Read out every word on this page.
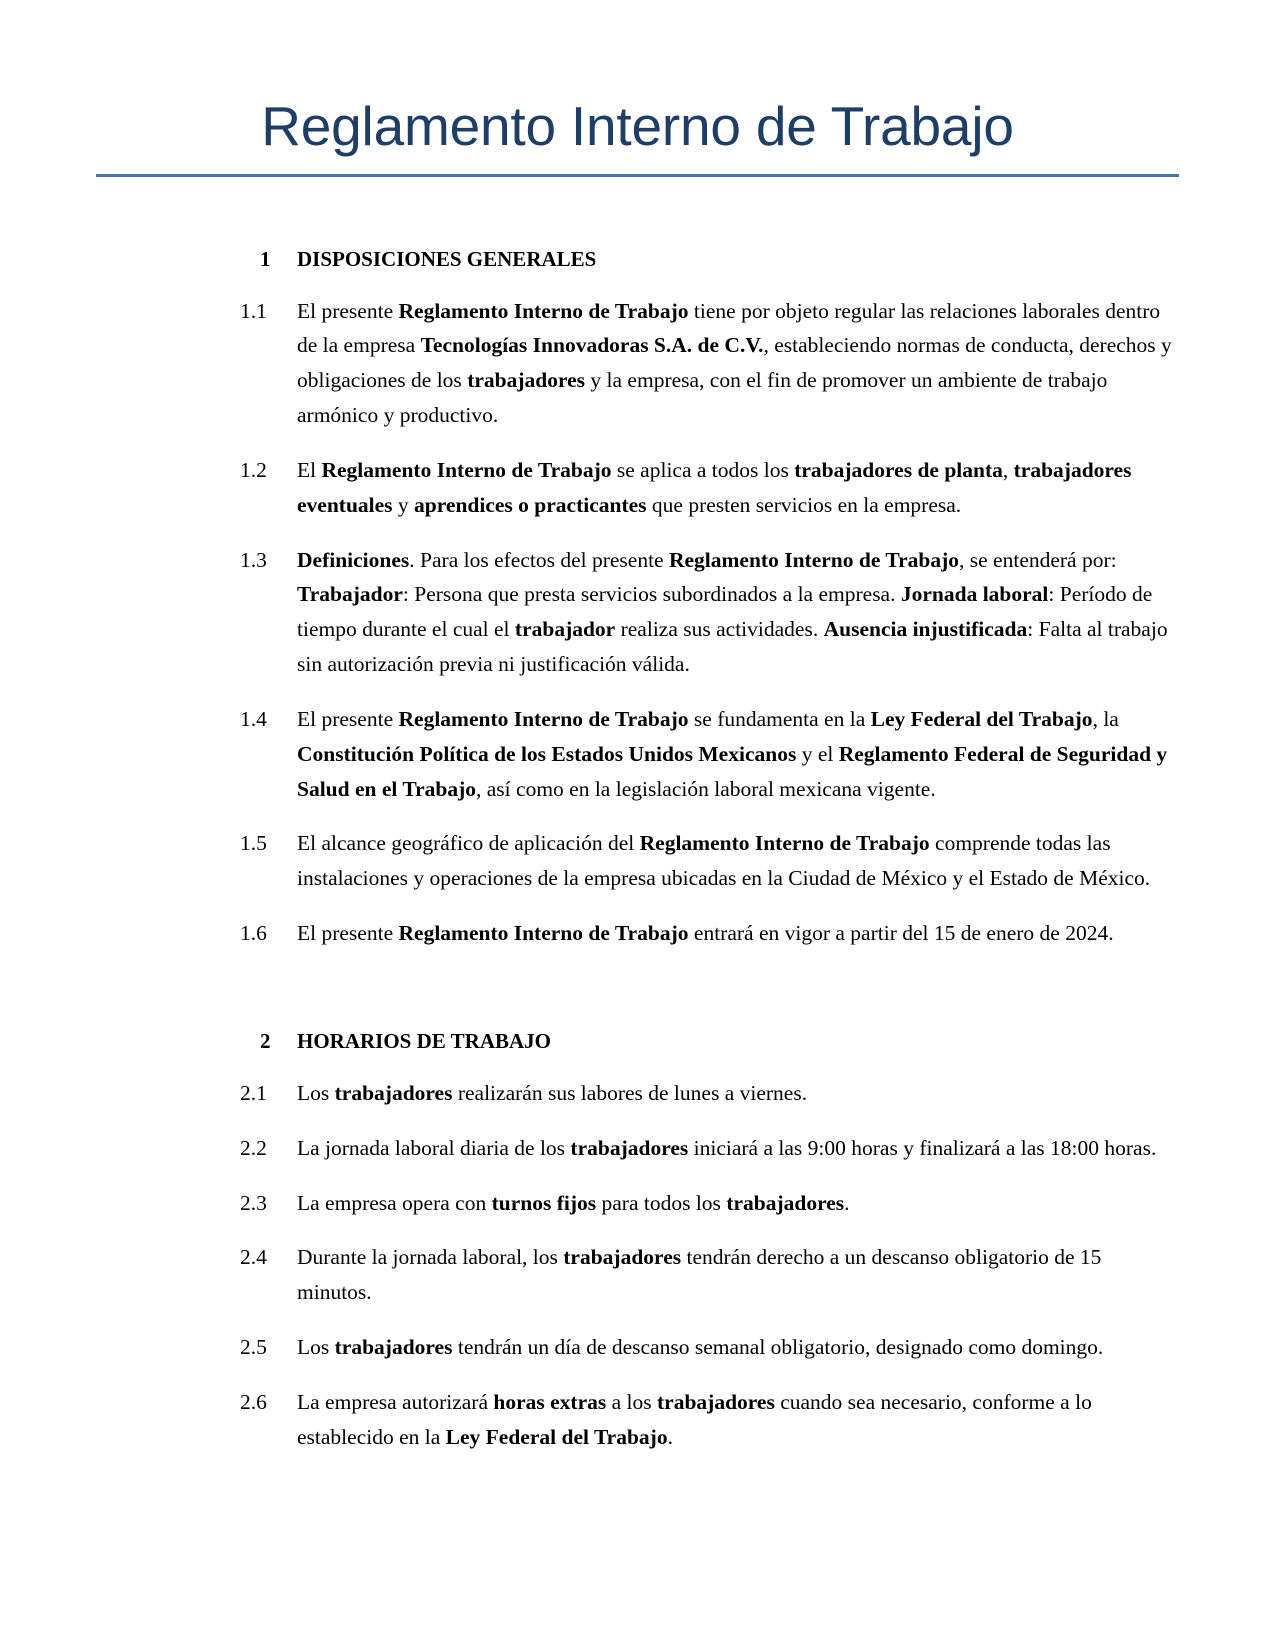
Reglamento Interno de Trabajo
1	DISPOSICIONES GENERALES
1.1	El presente Reglamento Interno de Trabajo tiene por objeto regular las relaciones laborales dentro de la empresa Tecnologías Innovadoras S.A. de C.V., estableciendo normas de conducta, derechos y obligaciones de los trabajadores y la empresa, con el fin de promover un ambiente de trabajo armónico y productivo.
1.2	El Reglamento Interno de Trabajo se aplica a todos los trabajadores de planta, trabajadores eventuales y aprendices o practicantes que presten servicios en la empresa.
1.3	Definiciones. Para los efectos del presente Reglamento Interno de Trabajo, se entenderá por: Trabajador: Persona que presta servicios subordinados a la empresa. Jornada laboral: Período de tiempo durante el cual el trabajador realiza sus actividades. Ausencia injustificada: Falta al trabajo sin autorización previa ni justificación válida.
1.4	El presente Reglamento Interno de Trabajo se fundamenta en la Ley Federal del Trabajo, la Constitución Política de los Estados Unidos Mexicanos y el Reglamento Federal de Seguridad y Salud en el Trabajo, así como en la legislación laboral mexicana vigente.
1.5	El alcance geográfico de aplicación del Reglamento Interno de Trabajo comprende todas las instalaciones y operaciones de la empresa ubicadas en la Ciudad de México y el Estado de México.
1.6	El presente Reglamento Interno de Trabajo entrará en vigor a partir del 15 de enero de 2024.
2	HORARIOS DE TRABAJO
2.1	Los trabajadores realizarán sus labores de lunes a viernes.
2.2	La jornada laboral diaria de los trabajadores iniciará a las 9:00 horas y finalizará a las 18:00 horas.
2.3	La empresa opera con turnos fijos para todos los trabajadores.
2.4	Durante la jornada laboral, los trabajadores tendrán derecho a un descanso obligatorio de 15 minutos.
2.5	Los trabajadores tendrán un día de descanso semanal obligatorio, designado como domingo.
2.6	La empresa autorizará horas extras a los trabajadores cuando sea necesario, conforme a lo establecido en la Ley Federal del Trabajo.
